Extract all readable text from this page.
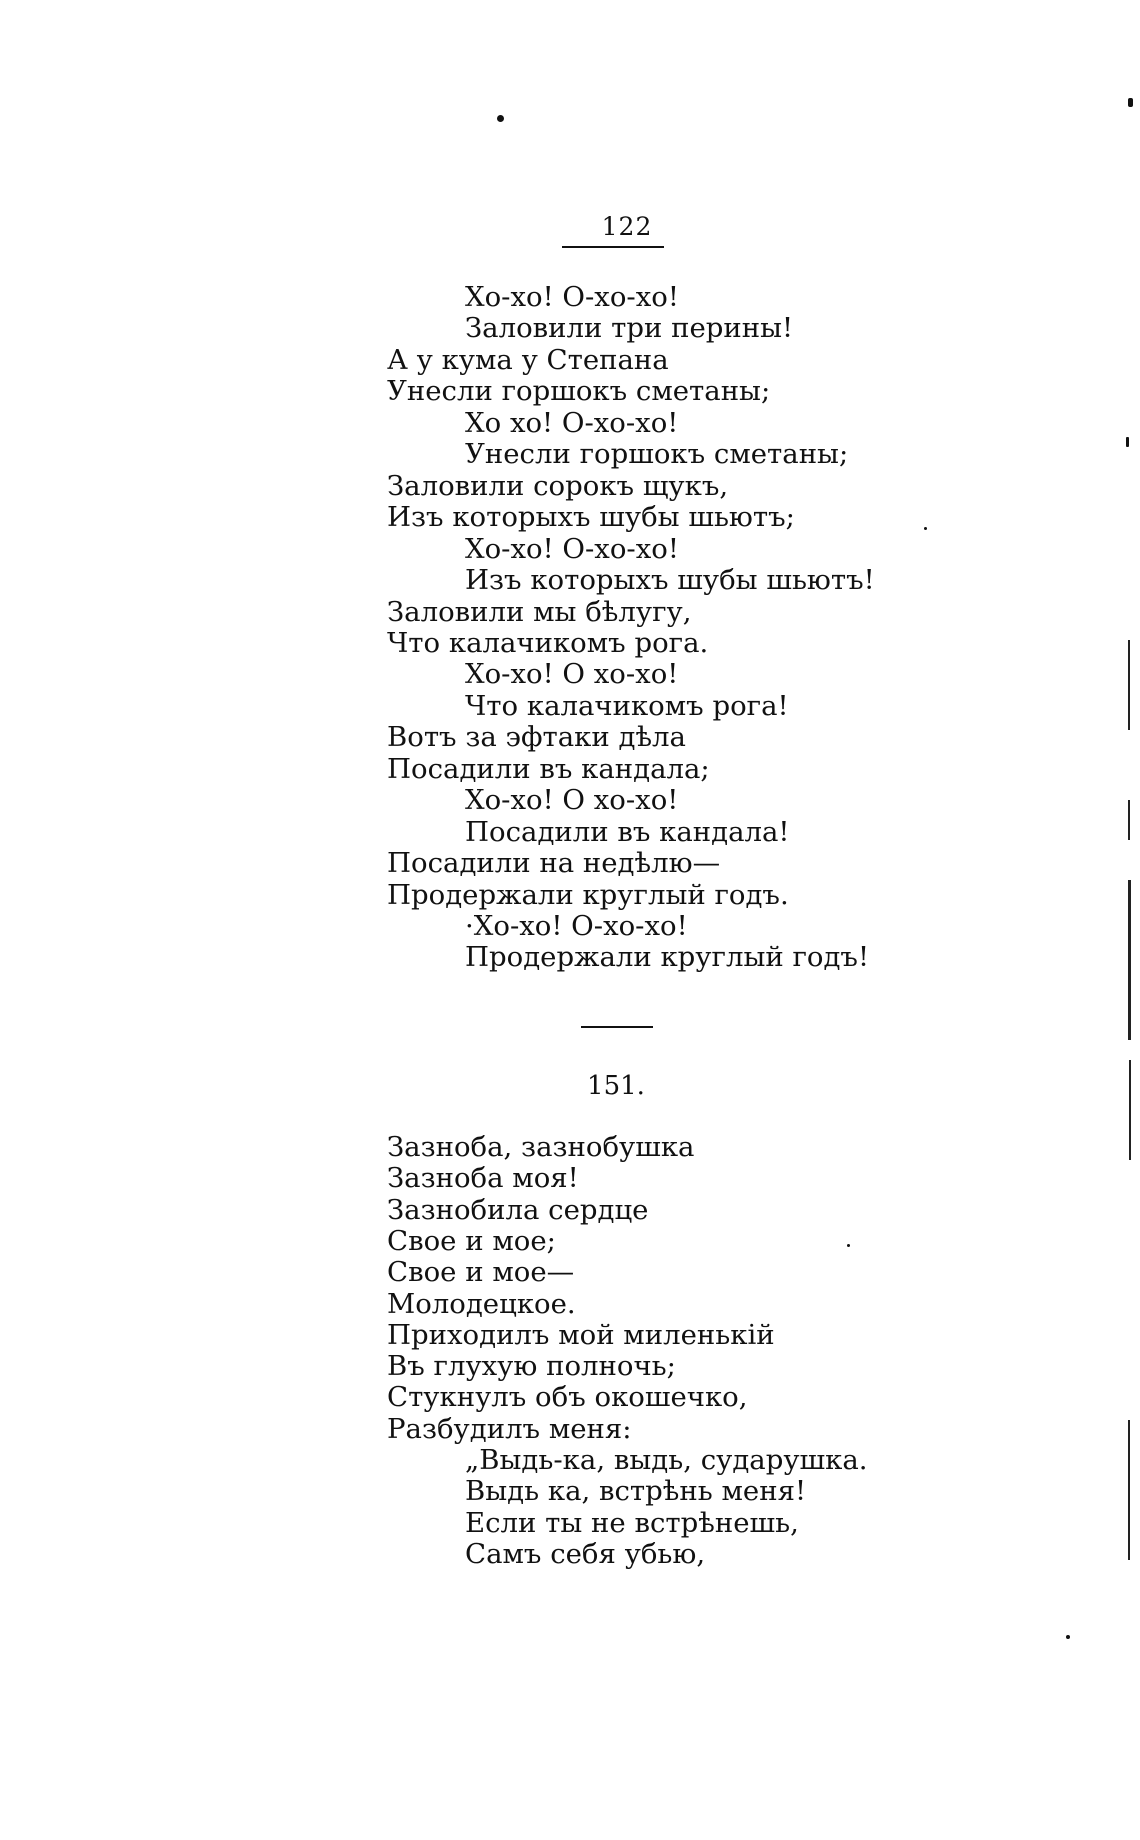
122
Хо-хо! О-хо-хо!
Заловили три перины!
А у кума у Степана
Унесли горшокъ сметаны;
Хо хо! О-хо-хо!
Унесли горшокъ сметаны;
Заловили сорокъ щукъ,
Изъ которыхъ шубы шьютъ;
Хо-хо! О-хо-хо!
Изъ которыхъ шубы шьютъ!
Заловили мы бѣлугу,
Что калачикомъ рога.
Хо-хо! О хо-хо!
Что калачикомъ рога!
Вотъ за эфтаки дѣла
Посадили въ кандала;
Хо-хо! О хо-хо!
Посадили въ кандала!
Посадили на недѣлю—
Продержали круглый годъ.
·Хо-хо! О-хо-хо!
Продержали круглый годъ!
151.
Зазноба, зазнобушка
Зазноба моя!
Зазнобила сердце
Свое и мое;
Свое и мое—
Молодецкое.
Приходилъ мой миленькій
Въ глухую полночь;
Стукнулъ объ окошечко,
Разбудилъ меня:
„Выдь-ка, выдь, сударушка.
Выдь ка, встрѣнь меня!
Если ты не встрѣнешь,
Самъ себя убью,
